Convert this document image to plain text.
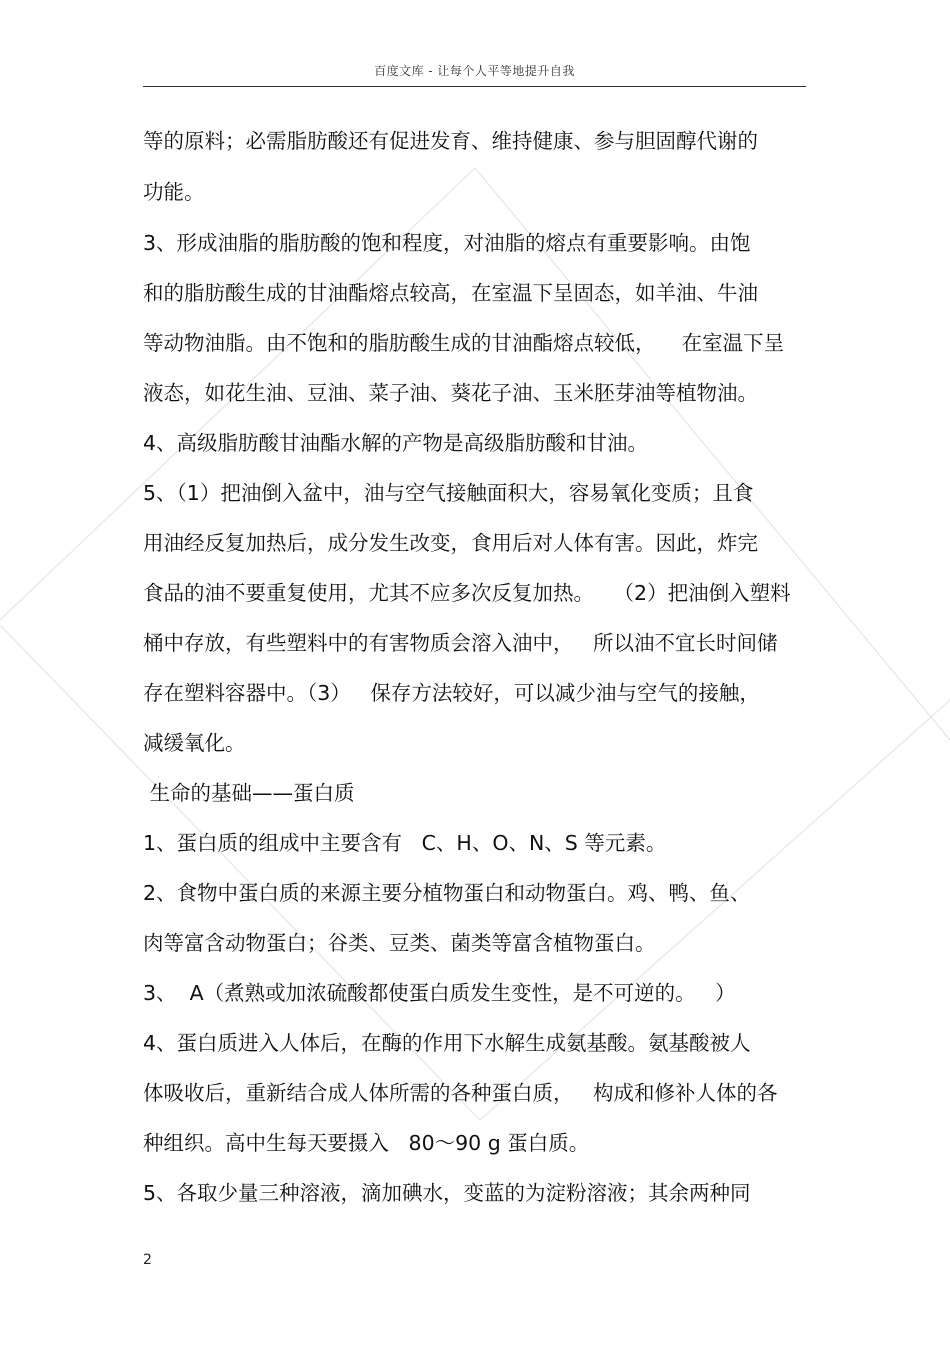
百度文库 - 让每个人平等地提升自我
等的原料；必需脂肪酸还有促进发育、维持健康、参与胆固醇代谢的
功能。
3、形成油脂的脂肪酸的饱和程度，对油脂的熔点有重要影响。由饱
和的脂肪酸生成的甘油酯熔点较高，在室温下呈固态，如羊油、牛油
等动物油脂。由不饱和的脂肪酸生成的甘油酯熔点较低，    在室温下呈
液态，如花生油、豆油、菜子油、葵花子油、玉米胚芽油等植物油。
4、高级脂肪酸甘油酯水解的产物是高级脂肪酸和甘油。
5、（1）把油倒入盆中，油与空气接触面积大，容易氧化变质；且食
用油经反复加热后，成分发生改变，食用后对人体有害。因此，炸完
食品的油不要重复使用，尤其不应多次反复加热。   （2）把油倒入塑料
桶中存放，有些塑料中的有害物质会溶入油中，   所以油不宜长时间储
存在塑料容器中。（3）   保存方法较好，可以减少油与空气的接触，
减缓氧化。
生命的基础——蛋白质
1、蛋白质的组成中主要含有   C、H、O、N、S 等元素。
2、食物中蛋白质的来源主要分植物蛋白和动物蛋白。鸡、鸭、鱼、
肉等富含动物蛋白；谷类、豆类、菌类等富含植物蛋白。
3、  A（煮熟或加浓硫酸都使蛋白质发生变性，是不可逆的。   ）
4、蛋白质进入人体后，在酶的作用下水解生成氨基酸。氨基酸被人
体吸收后，重新结合成人体所需的各种蛋白质，   构成和修补人体的各
种组织。高中生每天要摄入   80～90 g 蛋白质。
5、各取少量三种溶液，滴加碘水，变蓝的为淀粉溶液；其余两种同
2
